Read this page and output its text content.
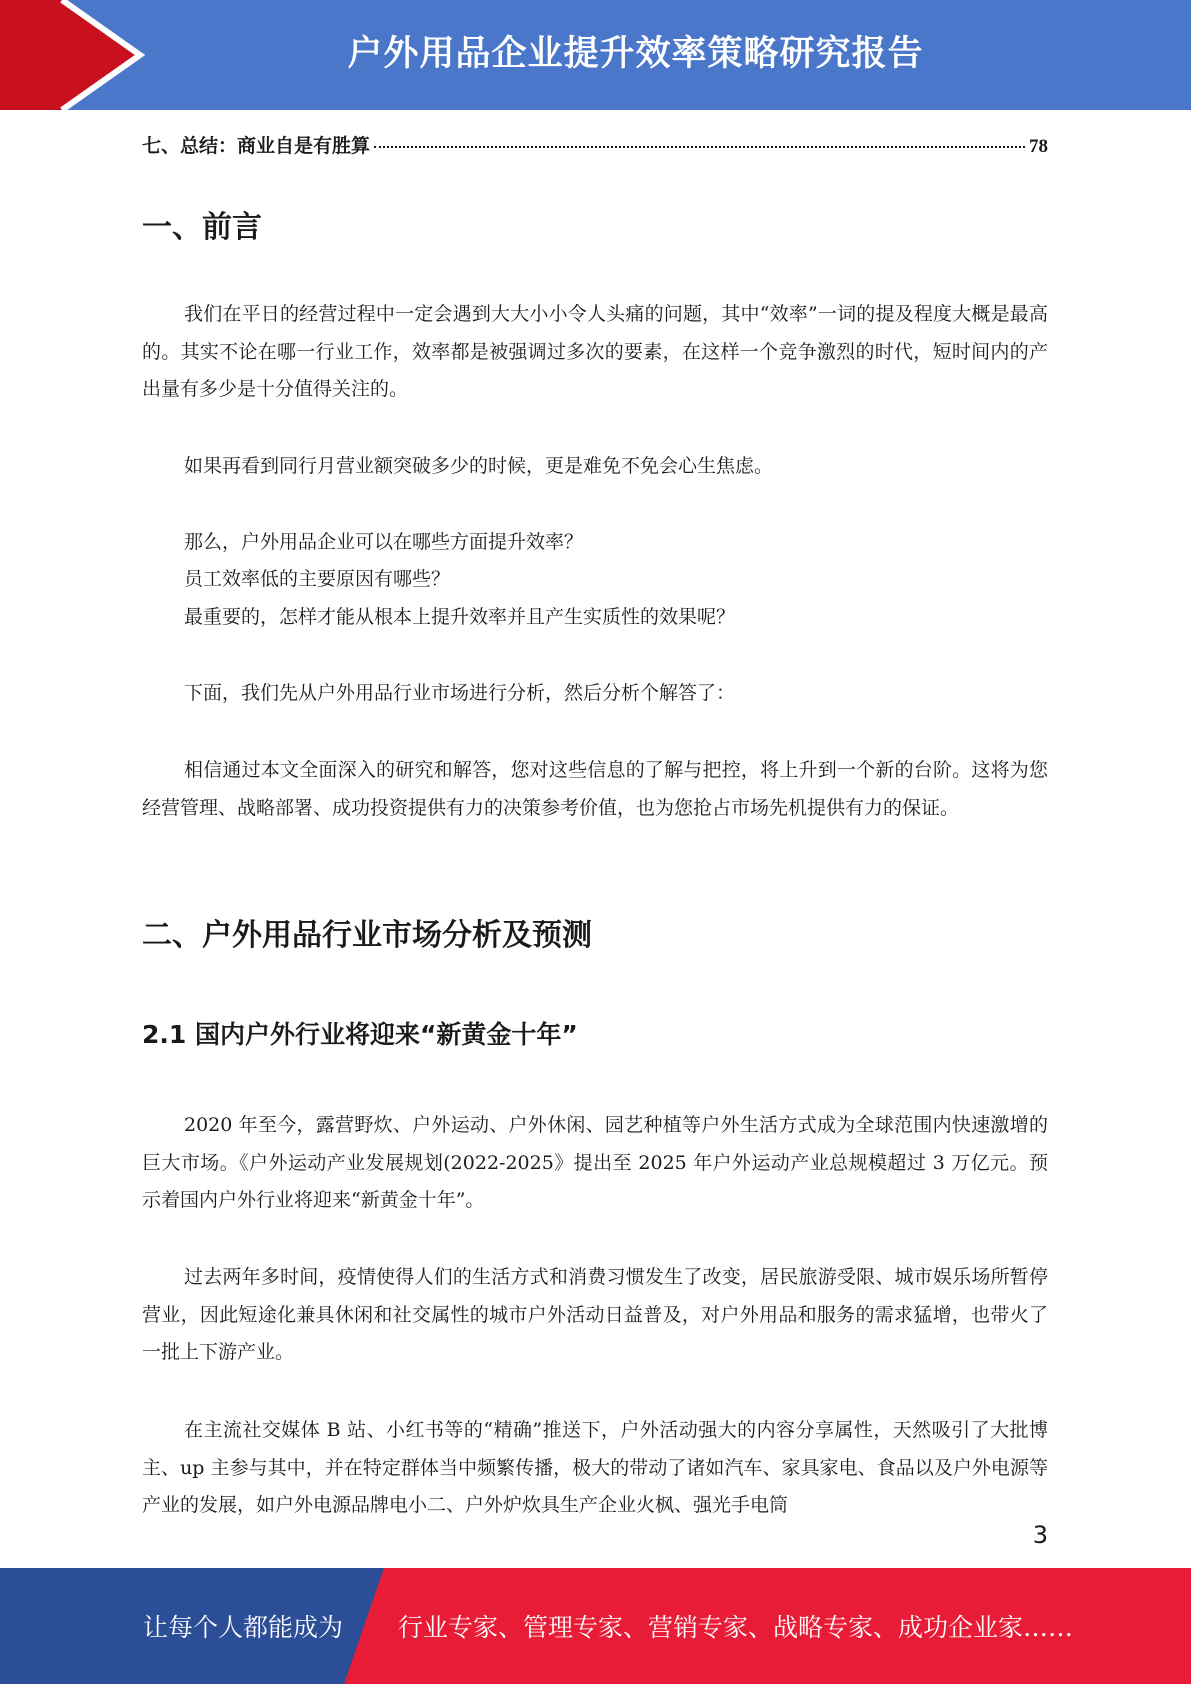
户外用品企业提升效率策略研究报告
七、总结：商业自是有胜算	78
一、前言

我们在平日的经营过程中一定会遇到大大小小令人头痛的问题，其中“效率”一词的提及程度大概是最高的。其实不论在哪一行业工作，效率都是被强调过多次的要素，在这样一个竞争激烈的时代，短时间内的产出量有多少是十分值得关注的。

如果再看到同行月营业额突破多少的时候，更是难免不免会心生焦虑。

那么，户外用品企业可以在哪些方面提升效率？

员工效率低的主要原因有哪些？

最重要的，怎样才能从根本上提升效率并且产生实质性的效果呢？

下面，我们先从户外用品行业市场进行分析，然后分析个解答了：

相信通过本文全面深入的研究和解答，您对这些信息的了解与把控，将上升到一个新的台阶。这将为您经营管理、战略部署、成功投资提供有力的决策参考价值，也为您抢占市场先机提供有力的保证。

二、户外用品行业市场分析及预测
2.1 国内户外行业将迎来“新黄金十年”

2020 年至今，露营野炊、户外运动、户外休闲、园艺种植等户外生活方式成为全球范围内快速激增的巨大市场。《户外运动产业发展规划(2022-2025》提出至 2025 年户外运动产业总规模超过 3 万亿元。预示着国内户外行业将迎来“新黄金十年”。

过去两年多时间，疫情使得人们的生活方式和消费习惯发生了改变，居民旅游受限、城市娱乐场所暂停营业，因此短途化兼具休闲和社交属性的城市户外活动日益普及，对户外用品和服务的需求猛增，也带火了一批上下游产业。

在主流社交媒体 B 站、小红书等的“精确”推送下，户外活动强大的内容分享属性，天然吸引了大批博主、up 主参与其中，并在特定群体当中频繁传播，极大的带动了诸如汽车、家具家电、食品以及户外电源等产业的发展，如户外电源品牌电小二、户外炉炊具生产企业火枫、强光手电筒

3
让每个人都能成为 行业专家、管理专家、营销专家、战略专家、成功企业家……
